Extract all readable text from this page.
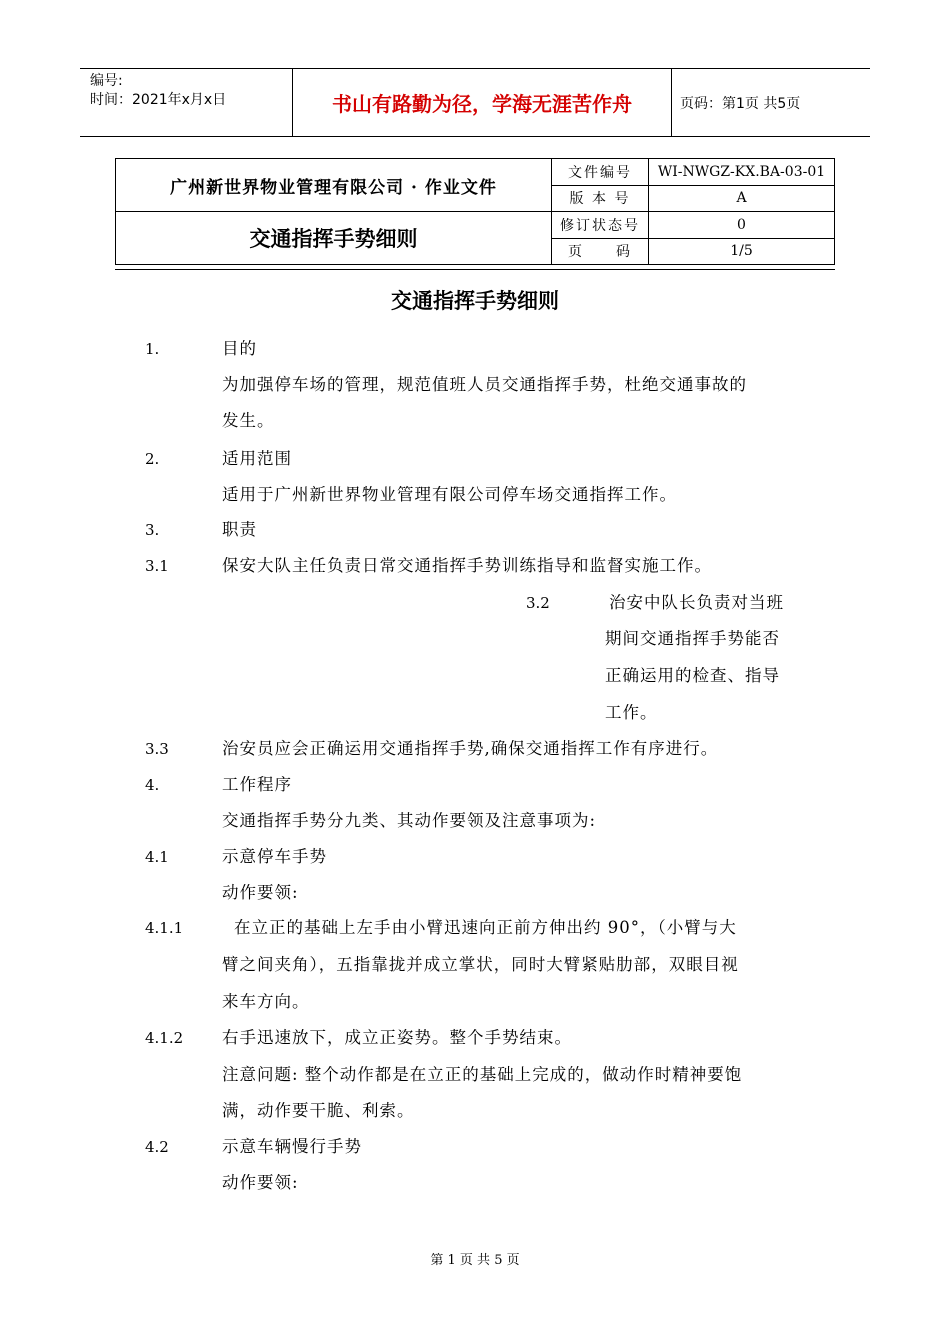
编号:
时间：2021年x月x日	书山有路勤为径，学海无涯苦作舟	页码：第1页 共5页
广州新世界物业管理有限公司 · 作业文件	文件编号	WI-NWGZ-KX.BA-03-01
	版 本 号	A
交通指挥手势细则	修订状态号	0
	页　　码	1/5
交通指挥手势细则
1.	目的
为加强停车场的管理，规范值班人员交通指挥手势，杜绝交通事故的
发生。
2.	适用范围
适用于广州新世界物业管理有限公司停车场交通指挥工作。
3.	职责
3.1	保安大队主任负责日常交通指挥手势训练指导和监督实施工作。
3.2	治安中队长负责对当班
期间交通指挥手势能否
正确运用的检查、指导
工作。
3.3	治安员应会正确运用交通指挥手势,确保交通指挥工作有序进行。
4.	工作程序
交通指挥手势分九类、其动作要领及注意事项为:
4.1	示意停车手势
动作要领:
4.1.1	在立正的基础上左手由小臂迅速向正前方伸出约 90°，（小臂与大
臂之间夹角），五指靠拢并成立掌状，同时大臂紧贴肋部，双眼目视
来车方向。
4.1.2 右手迅速放下，成立正姿势。整个手势结束。
注意问题: 整个动作都是在立正的基础上完成的，做动作时精神要饱
满，动作要干脆、利索。
4.2	示意车辆慢行手势
动作要领:
第 1 页 共 5 页
